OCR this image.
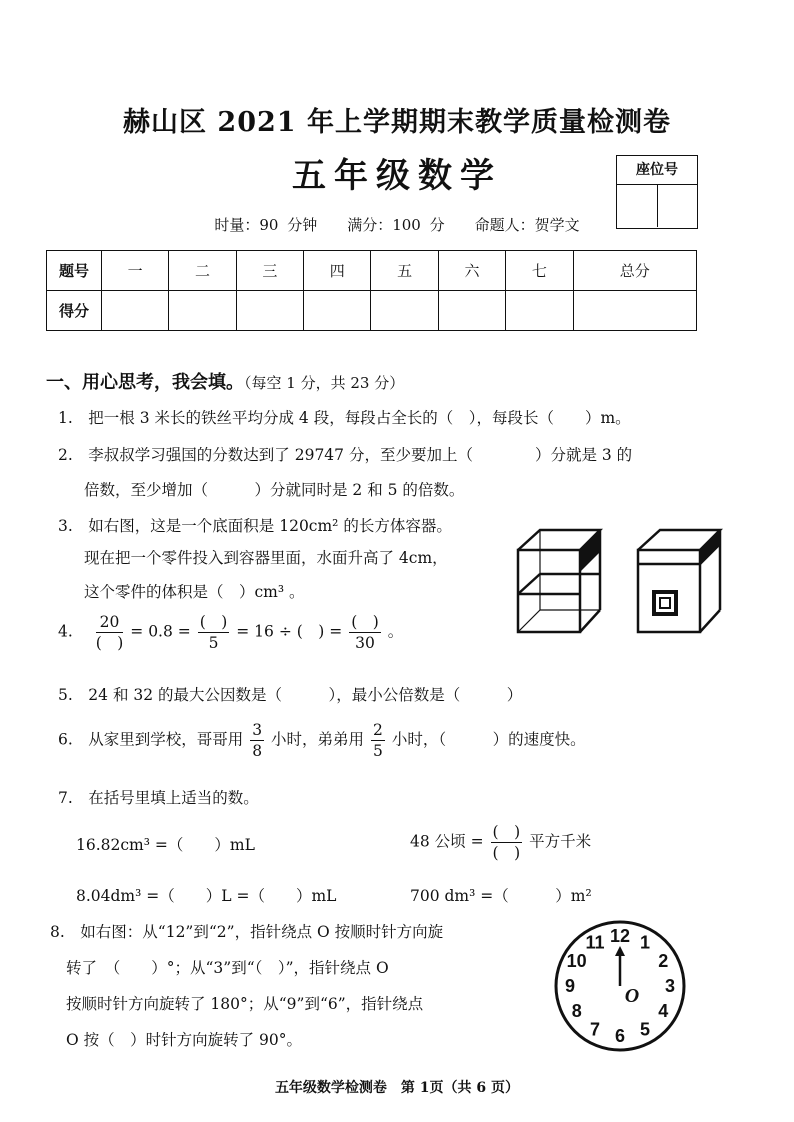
赫山区 2021 年上学期期末教学质量检测卷
五年级数学	座位号
时量：90 分钟　　满分：100 分　　命题人：贺学文
题号	一	二	三	四	五	六	七	总分
得分								
一、用心思考，我会填。（每空 1 分，共 23 分）
1.　把一根 3 米长的铁丝平均分成 4 段，每段占全长的（　），每段长（　　）m。
2.　李叔叔学习强国的分数达到了 29747 分，至少要加上（　　　　）分就是 3 的
倍数，至少增加（　　　）分就同时是 2 和 5 的倍数。
3.　如右图，这是一个底面积是 120cm² 的长方体容器。
现在把一个零件投入到容器里面，水面升高了 4cm，
这个零件的体积是（　）cm³ 。
4. $\frac{20}{( )} = 0.8 = \frac{( )}{5} = 16$ ÷ (　) = $\frac{( )}{30}$ 。
5.　24 和 32 的最大公因数是（　　　），最小公倍数是（　　　）
6.　从家里到学校，哥哥用 $\frac{3}{8}$ 小时，弟弟用 $\frac{2}{5}$ 小时，（　　　）的速度快。
7.　在括号里填上适当的数。
16.82cm³ =（　　）mL	48 公顷 = $\frac{( )}{( )}$ 平方千米
8.04dm³ =（　　）L =（　　）mL	700 dm³ =（　　　）m²
8.　如右图：从“12”到“2”，指针绕点 O 按顺时针方向旋
转了　（　　）°；从“3”到“（　）”，指针绕点 O
按顺时针方向旋转了 180°；从“9”到“6”，指针绕点
O 按（　）时针方向旋转了 90°。
12 1
2
3
4
5
6
7
8
9
10
11
O
五年级数学检测卷　第 1页（共 6 页）
